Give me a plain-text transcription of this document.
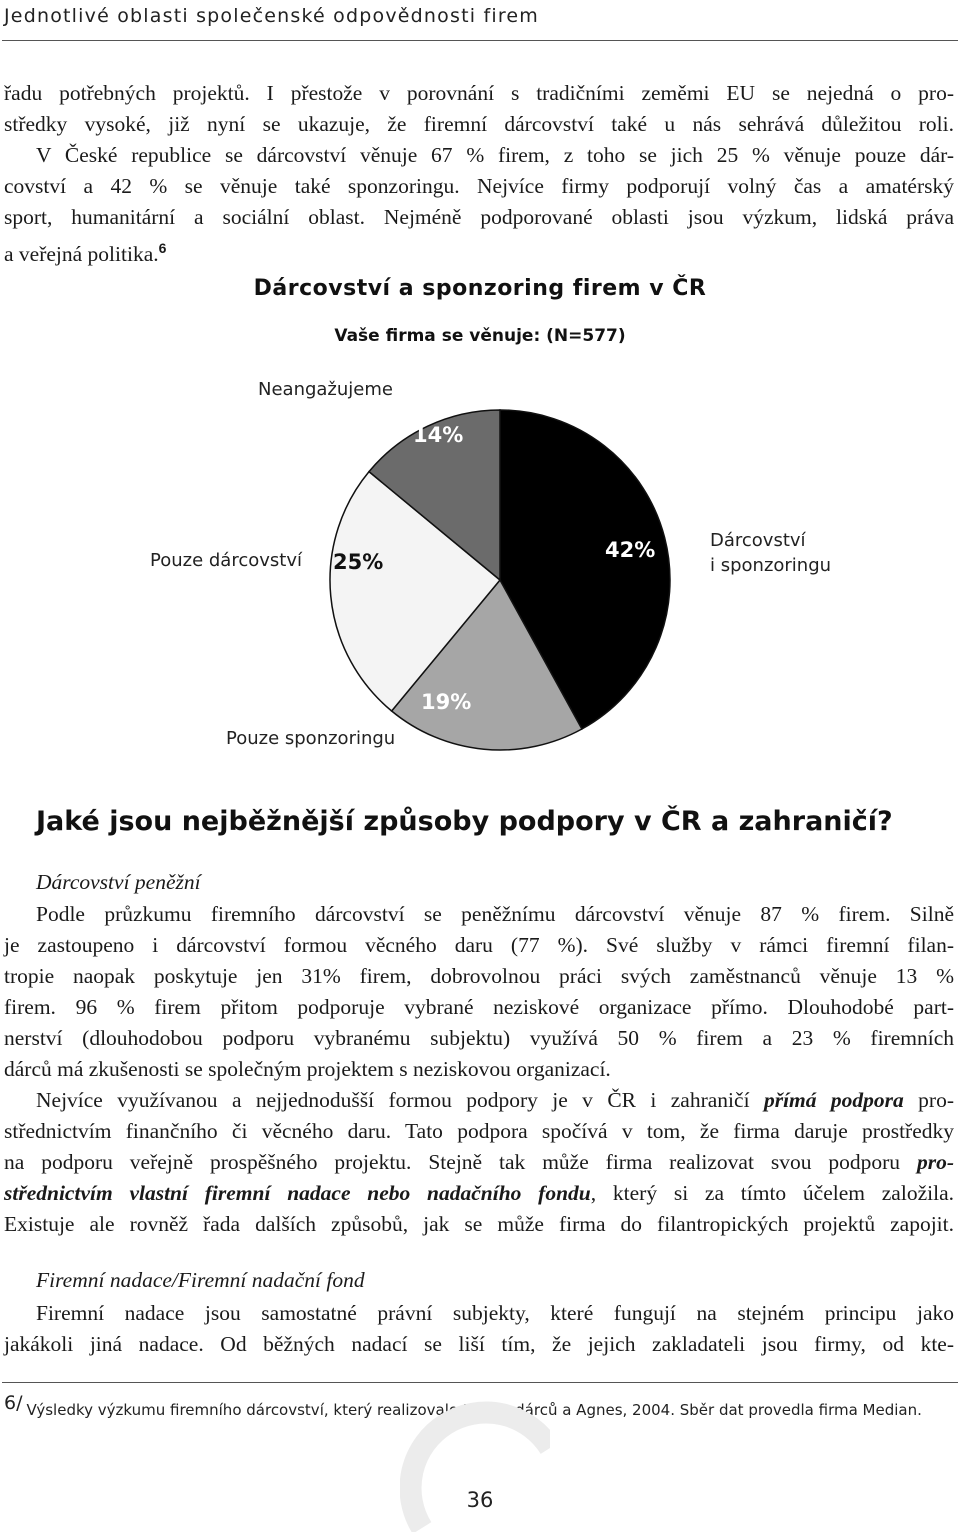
Jednotlivé oblasti společenské odpovědnosti firem
řadu potřebných projektů. I přestože v porovnání s tradičními zeměmi EU se nejedná o pro-
středky vysoké, již nyní se ukazuje, že firemní dárcovství také u nás sehrává důležitou roli.
V České republice se dárcovství věnuje 67 % firem, z toho se jich 25 % věnuje pouze dár-
covství a 42 % se věnuje také sponzoringu. Nejvíce firmy podporují volný čas a amatérský
sport, humanitární a sociální oblast. Nejméně podporované oblasti jsou výzkum, lidská práva
a veřejná politika.$^6$
Dárcovství a sponzoring firem v ČR
Vaše firma se věnuje: (N=577)
Neangažujeme
Pouze dárcovství
Pouze sponzoringu
Dárcovství
i sponzoringu
14%
25%	42%
19%
Jaké jsou nejběžnější způsoby podpory v ČR a zahraničí?
Dárcovství peněžní
Podle průzkumu firemního dárcovství se peněžnímu dárcovství věnuje 87 % firem. Silně
je zastoupeno i dárcovství formou věcného daru (77 %). Své služby v rámci firemní filan-
tropie naopak poskytuje jen 31% firem, dobrovolnou práci svých zaměstnanců věnuje 13 %
firem. 96 % firem přitom podporuje vybrané neziskové organizace přímo. Dlouhodobé part-
nerství (dlouhodobou podporu vybranému subjektu) využívá 50 % firem a 23 % firemních
dárců má zkušenosti se společným projektem s neziskovou organizací.
Nejvíce využívanou a nejjednodušší formou podpory je v ČR i zahraničí přímá podpora pro-
střednictvím finančního či věcného daru. Tato podpora spočívá v tom, že firma daruje prostředky
na podporu veřejně prospěšného projektu. Stejně tak může firma realizovat svou podporu pro-
střednictvím vlastní firemní nadace nebo nadačního fondu, který si za tímto účelem založila.
Existuje ale rovněž řada dalších způsobů, jak se může firma do filantropických projektů zapojit.
Firemní nadace/Firemní nadační fond
Firemní nadace jsou samostatné právní subjekty, které fungují na stejném principu jako
jakákoli jiná nadace. Od běžných nadací se liší tím, že jejich zakladateli jsou firmy, od kte-
6/ Výsledky výzkumu firemního dárcovství, který realizovalo Fórum dárců a Agnes, 2004. Sběr dat provedla firma Median.
36
